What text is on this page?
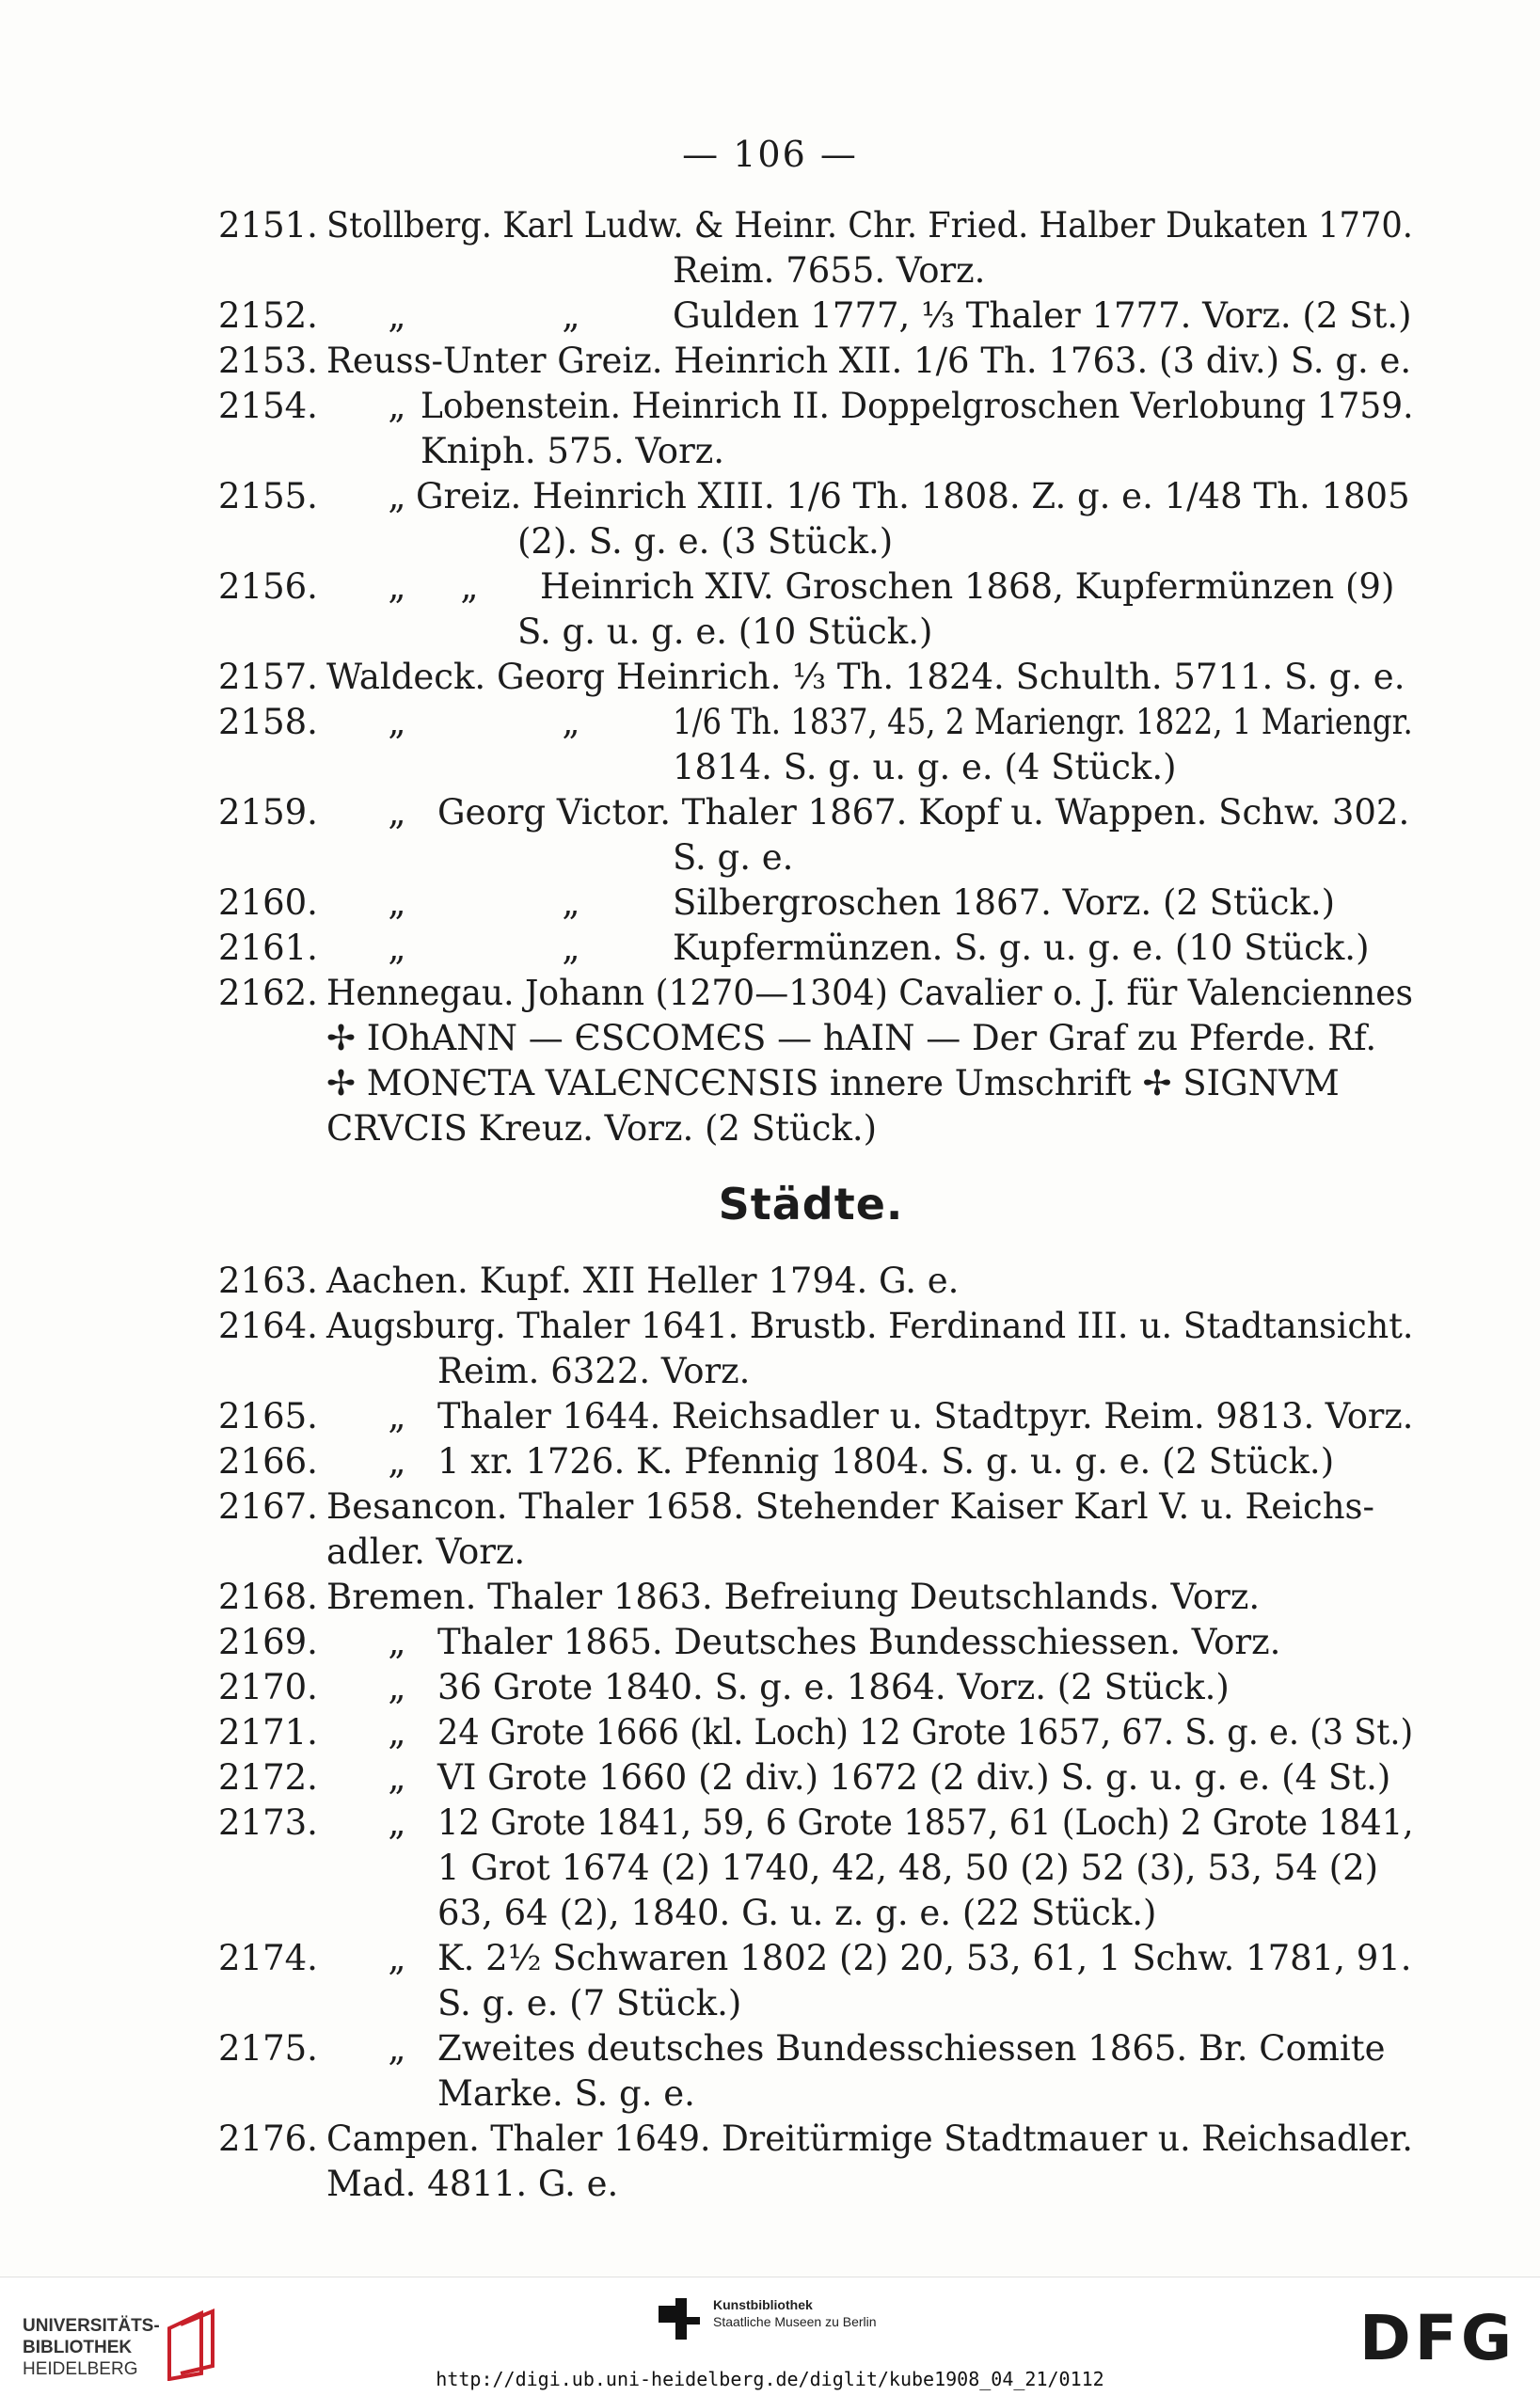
— 106 —
2151. Stollberg. Karl Ludw. & Heinr. Chr. Fried. Halber Dukaten 1770.
Reim. 7655. Vorz.
2152. „	„	Gulden 1777, ⅓ Thaler 1777. Vorz. (2 St.)
2153. Reuss-Unter Greiz. Heinrich XII. 1/6 Th. 1763. (3 div.) S. g. e.
2154. „ Lobenstein. Heinrich II. Doppelgroschen Verlobung 1759.
Kniph. 575. Vorz.
2155. „ Greiz. Heinrich XIII. 1/6 Th. 1808. Z. g. e. 1/48 Th. 1805
(2). S. g. e. (3 Stück.)
2156. „ „ Heinrich XIV. Groschen 1868, Kupfermünzen (9)
S. g. u. g. e. (10 Stück.)
2157. Waldeck. Georg Heinrich. ⅓ Th. 1824. Schulth. 5711. S. g. e.
2158. „	„	1/6 Th. 1837, 45, 2 Mariengr. 1822, 1 Mariengr.
1814. S. g. u. g. e. (4 Stück.)
2159. „ Georg Victor. Thaler 1867. Kopf u. Wappen. Schw. 302.
S. g. e.
2160. „	„	Silbergroschen 1867. Vorz. (2 Stück.)
2161. „	„	Kupfermünzen. S. g. u. g. e. (10 Stück.)
2162. Hennegau. Johann (1270—1304) Cavalier o. J. für Valenciennes
✢ IOhANN — ЄSCOMЄS — hAIN — Der Graf zu Pferde. Rf.
✢ MONЄTA VALЄNCЄNSIS innere Umschrift ✢ SIGNVM
CRVCIS Kreuz. Vorz. (2 Stück.)
Städte.
2163. Aachen. Kupf. XII Heller 1794. G. e.
2164. Augsburg. Thaler 1641. Brustb. Ferdinand III. u. Stadtansicht.
Reim. 6322. Vorz.
2165. „ Thaler 1644. Reichsadler u. Stadtpyr. Reim. 9813. Vorz.
2166. „ 1 xr. 1726. K. Pfennig 1804. S. g. u. g. e. (2 Stück.)
2167. Besancon. Thaler 1658. Stehender Kaiser Karl V. u. Reichs-
adler. Vorz.
2168. Bremen. Thaler 1863. Befreiung Deutschlands. Vorz.
2169. „ Thaler 1865. Deutsches Bundesschiessen. Vorz.
2170. „ 36 Grote 1840. S. g. e. 1864. Vorz. (2 Stück.)
2171. „ 24 Grote 1666 (kl. Loch) 12 Grote 1657, 67. S. g. e. (3 St.)
2172. „ VI Grote 1660 (2 div.) 1672 (2 div.) S. g. u. g. e. (4 St.)
2173. „ 12 Grote 1841, 59, 6 Grote 1857, 61 (Loch) 2 Grote 1841,
1 Grot 1674 (2) 1740, 42, 48, 50 (2) 52 (3), 53, 54 (2)
63, 64 (2), 1840. G. u. z. g. e. (22 Stück.)
2174. „ K. 2½ Schwaren 1802 (2) 20, 53, 61, 1 Schw. 1781, 91.
S. g. e. (7 Stück.)
2175. „ Zweites deutsches Bundesschiessen 1865. Br. Comite
Marke. S. g. e.
2176. Campen. Thaler 1649. Dreitürmige Stadtmauer u. Reichsadler.
Mad. 4811. G. e.
UNIVERSITÄTS-
BIBLIOTHEK
HEIDELBERG
Kunstbibliothek
Staatliche Museen zu Berlin	DFG
http://digi.ub.uni-heidelberg.de/diglit/kube1908_04_21/0112
